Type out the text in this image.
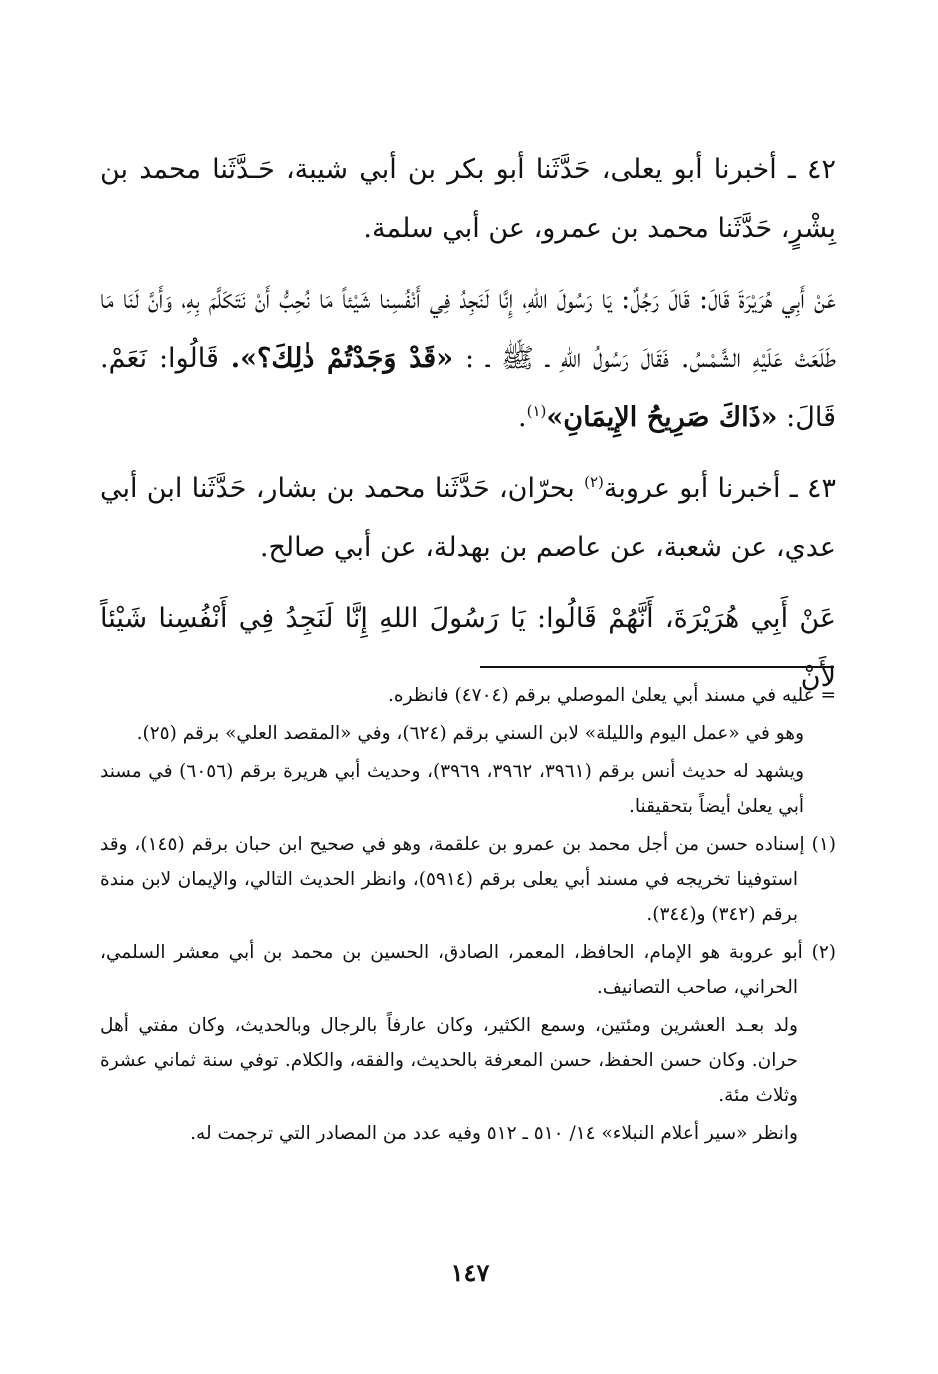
٤٢ ـ أخبرنا أبو يعلى، حَدَّثَنا أبو بكر بن أبي شيبة، حَـدَّثَنا محمد بن بِشْرٍ، حَدَّثَنا محمد بن عمرو، عن أبي سلمة.

عَنْ أَبِي هُرَيْرَةَ قَالَ: قَالَ رَجُلٌ: يَا رَسُولَ اللهِ، إِنَّا لَنَجِدُ فِي أَنْفُسِنا شَيْئاً مَا نُحِبُّ أَنْ نَتَكَلَّمَ بِهِ، وَأَنَّ لَنَا مَا طَلَعَتْ عَلَيْهِ الشَّمْسُ. فَقَالَ رَسُولُ اللهِ ـ ﷺ ـ : «قَدْ وَجَدْتُمْ ذٰلِكَ؟». قَالُوا: نَعَمْ. قَالَ: «ذَاكَ صَرِيحُ الإِيمَانِ»$^{(١)}$.

٤٣ ـ أخبرنا أبو عروبة$^{(٢)}$ بحرّان، حَدَّثَنا محمد بن بشار، حَدَّثَنا ابن أبي عدي، عن شعبة، عن عاصم بن بهدلة، عن أبي صالح.

عَنْ أَبِي هُرَيْرَةَ، أَنَّهُمْ قَالُوا: يَا رَسُولَ اللهِ إِنَّا لَنَجِدُ فِي أَنْفُسِنا شَيْئاً لأَنْ

= عليه في مسند أبي يعلىٰ الموصلي برقم (٤٧٠٤) فانظره.

وهو في «عمل اليوم والليلة» لابن السني برقم (٦٢٤)، وفي «المقصد العلي» برقم (٢٥).

ويشهد له حديث أنس برقم (٣٩٦١، ٣٩٦٢، ٣٩٦٩)، وحديث أبي هريرة برقم (٦٠٥٦) في مسند أبي يعلىٰ أيضاً بتحقيقنا.

(١) إسناده حسن من أجل محمد بن عمرو بن علقمة، وهو في صحيح ابن حبان برقم (١٤٥)، وقد استوفينا تخريجه في مسند أبي يعلى برقم (٥٩١٤)، وانظر الحديث التالي، والإيمان لابن مندة برقم (٣٤٢) و(٣٤٤).

(٢) أبو عروبة هو الإمام، الحافظ، المعمر، الصادق، الحسين بن محمد بن أبي معشر السلمي، الحراني، صاحب التصانيف.

ولد بعـد العشرين ومئتين، وسمع الكثير، وكان عارفاً بالرجال وبالحديث، وكان مفتي أهل حران. وكان حسن الحفظ، حسن المعرفة بالحديث، والفقه، والكلام. توفي سنة ثماني عشرة وثلاث مئة.

وانظر «سير أعلام النبلاء» ١٤/ ٥١٠ ـ ٥١٢ وفيه عدد من المصادر التي ترجمت له.

١٤٧
